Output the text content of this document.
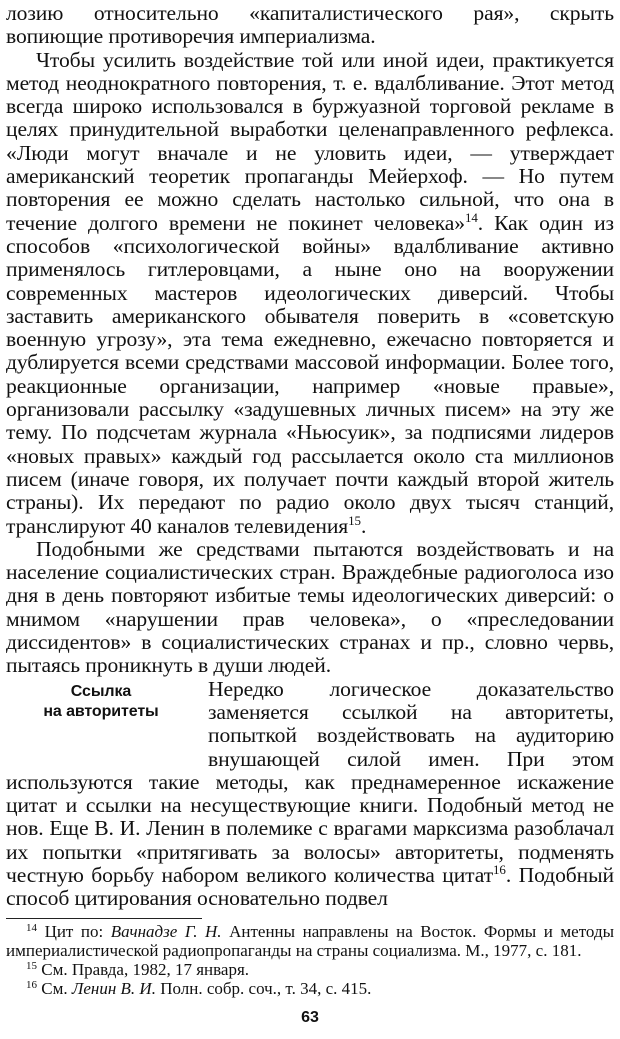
лозию относительно «капиталистического рая», скрыть вопиющие противоречия империализма.

Чтобы усилить воздействие той или иной идеи, практикуется метод неоднократного повторения, т. е. вдалбливание. Этот метод всегда широко использовался в буржуазной торговой рекламе в целях принудительной выработки целенаправленного рефлекса. «Люди могут вначале и не уловить идеи, — утверждает американский теоретик пропаганды Мейерхоф. — Но путем повторения ее можно сделать настолько сильной, что она в течение долгого времени не покинет человека»$^{14}$. Как один из способов «психологической войны» вдалбливание активно применялось гитлеровцами, а ныне оно на вооружении современных мастеров идеологических диверсий. Чтобы заставить американского обывателя поверить в «советскую военную угрозу», эта тема ежедневно, ежечасно повторяется и дублируется всеми средствами массовой информации. Более того, реакционные организации, например «новые правые», организовали рассылку «задушевных личных писем» на эту же тему. По подсчетам журнала «Ньюсуик», за подписями лидеров «новых правых» каждый год рассылается около ста миллионов писем (иначе говоря, их получает почти каждый второй житель страны). Их передают по радио около двух тысяч станций, транслируют 40 каналов телевидения$^{15}$.

Подобными же средствами пытаются воздействовать и на население социалистических стран. Враждебные радиоголоса изо дня в день повторяют избитые темы идеологических диверсий: о мнимом «нарушении прав человека», о «преследовании диссидентов» в социалистических странах и пр., словно червь, пытаясь проникнуть в души людей.

Ссылка
на авторитеты
Нередко логическое доказательство заменяется ссылкой на авторитеты, попыткой воздействовать на аудиторию внушающей силой имен. При этом используются такие методы, как преднамеренное искажение цитат и ссылки на несуществующие книги. Подобный метод не нов. Еще В. И. Ленин в полемике с врагами марксизма разоблачал их попытки «притягивать за волосы» авторитеты, подменять честную борьбу набором великого количества цитат$^{16}$. Подобный способ цитирования основательно подвел

$^{14}$ Цит по: Вачнадзе Г. Н. Антенны направлены на Восток. Формы и методы империалистической радиопропаганды на страны социализма. М., 1977, с. 181.

$^{15}$ См. Правда, 1982, 17 января.

$^{16}$ См. Ленин В. И. Полн. собр. соч., т. 34, с. 415.

63
